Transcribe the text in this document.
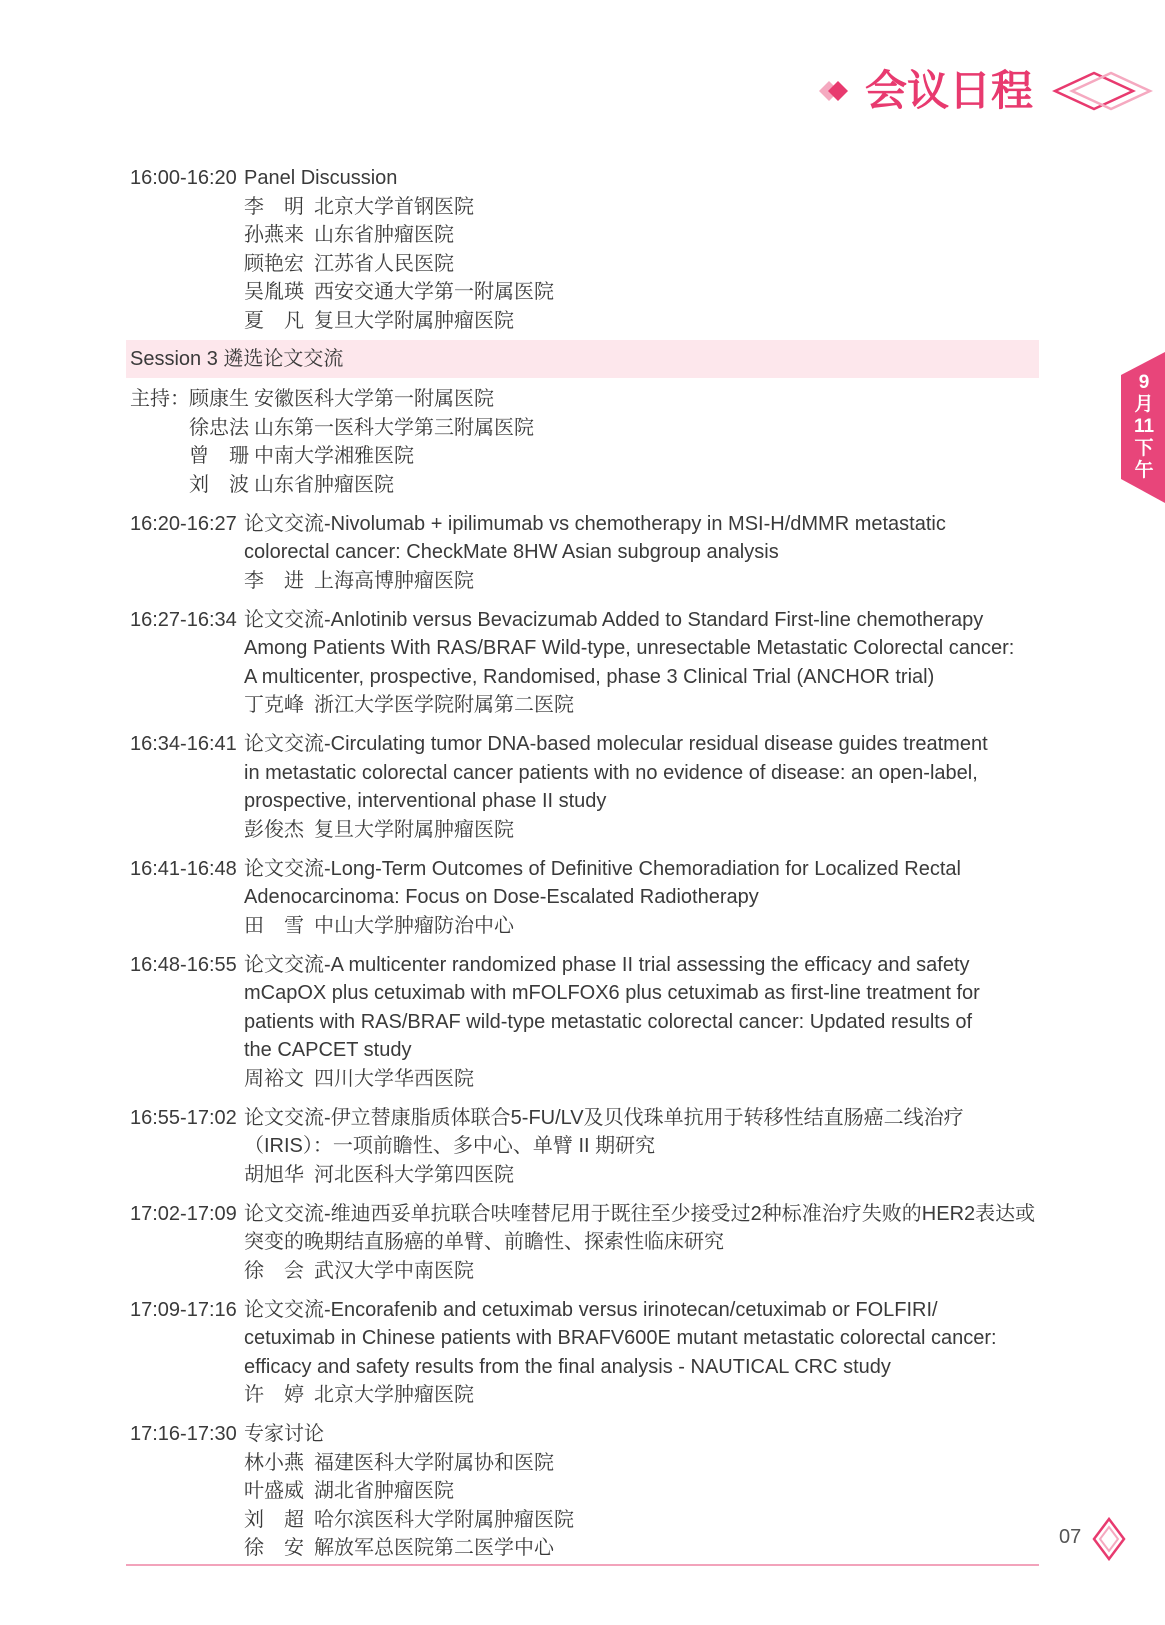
会议日程
9
月
11
下
午
16:00-16:20 Panel Discussion
李　明 北京大学首钢医院
孙燕来 山东省肿瘤医院
顾艳宏 江苏省人民医院
吴胤瑛 西安交通大学第一附属医院
夏　凡 复旦大学附属肿瘤医院
Session 3 遴选论文交流
主持： 顾康生 安徽医科大学第一附属医院
徐忠法 山东第一医科大学第三附属医院
曾　珊 中南大学湘雅医院
刘　波 山东省肿瘤医院
16:20-16:27 论文交流-Nivolumab + ipilimumab vs chemotherapy in MSI-H/dMMR metastatic
colorectal cancer: CheckMate 8HW Asian subgroup analysis
李　进 上海高博肿瘤医院
16:27-16:34 论文交流-Anlotinib versus Bevacizumab Added to Standard First-line chemotherapy
Among Patients With RAS/BRAF Wild-type, unresectable Metastatic Colorectal cancer:
A multicenter, prospective, Randomised, phase 3 Clinical Trial (ANCHOR trial)
丁克峰 浙江大学医学院附属第二医院
16:34-16:41 论文交流-Circulating tumor DNA-based molecular residual disease guides treatment
in metastatic colorectal cancer patients with no evidence of disease: an open-label,
prospective, interventional phase II study
彭俊杰 复旦大学附属肿瘤医院
16:41-16:48 论文交流-Long-Term Outcomes of Definitive Chemoradiation for Localized Rectal
Adenocarcinoma: Focus on Dose-Escalated Radiotherapy
田　雪 中山大学肿瘤防治中心
16:48-16:55 论文交流-A multicenter randomized phase II trial assessing the efficacy and safety
mCapOX plus cetuximab with mFOLFOX6 plus cetuximab as first-line treatment for
patients with RAS/BRAF wild-type metastatic colorectal cancer: Updated results of
the CAPCET study
周裕文 四川大学华西医院
16:55-17:02 论文交流-伊立替康脂质体联合5-FU/LV及贝伐珠单抗用于转移性结直肠癌二线治疗
（IRIS）：一项前瞻性、多中心、单臂 II 期研究
胡旭华 河北医科大学第四医院
17:02-17:09 论文交流-维迪西妥单抗联合呋喹替尼用于既往至少接受过2种标准治疗失败的HER2表达或
突变的晚期结直肠癌的单臂、前瞻性、探索性临床研究
徐　会 武汉大学中南医院
17:09-17:16 论文交流-Encorafenib and cetuximab versus irinotecan/cetuximab or FOLFIRI/
cetuximab in Chinese patients with BRAFV600E mutant metastatic colorectal cancer:
efficacy and safety results from the final analysis - NAUTICAL CRC study
许　婷 北京大学肿瘤医院
17:16-17:30 专家讨论
林小燕 福建医科大学附属协和医院
叶盛威 湖北省肿瘤医院
刘　超 哈尔滨医科大学附属肿瘤医院
徐　安 解放军总医院第二医学中心	07
